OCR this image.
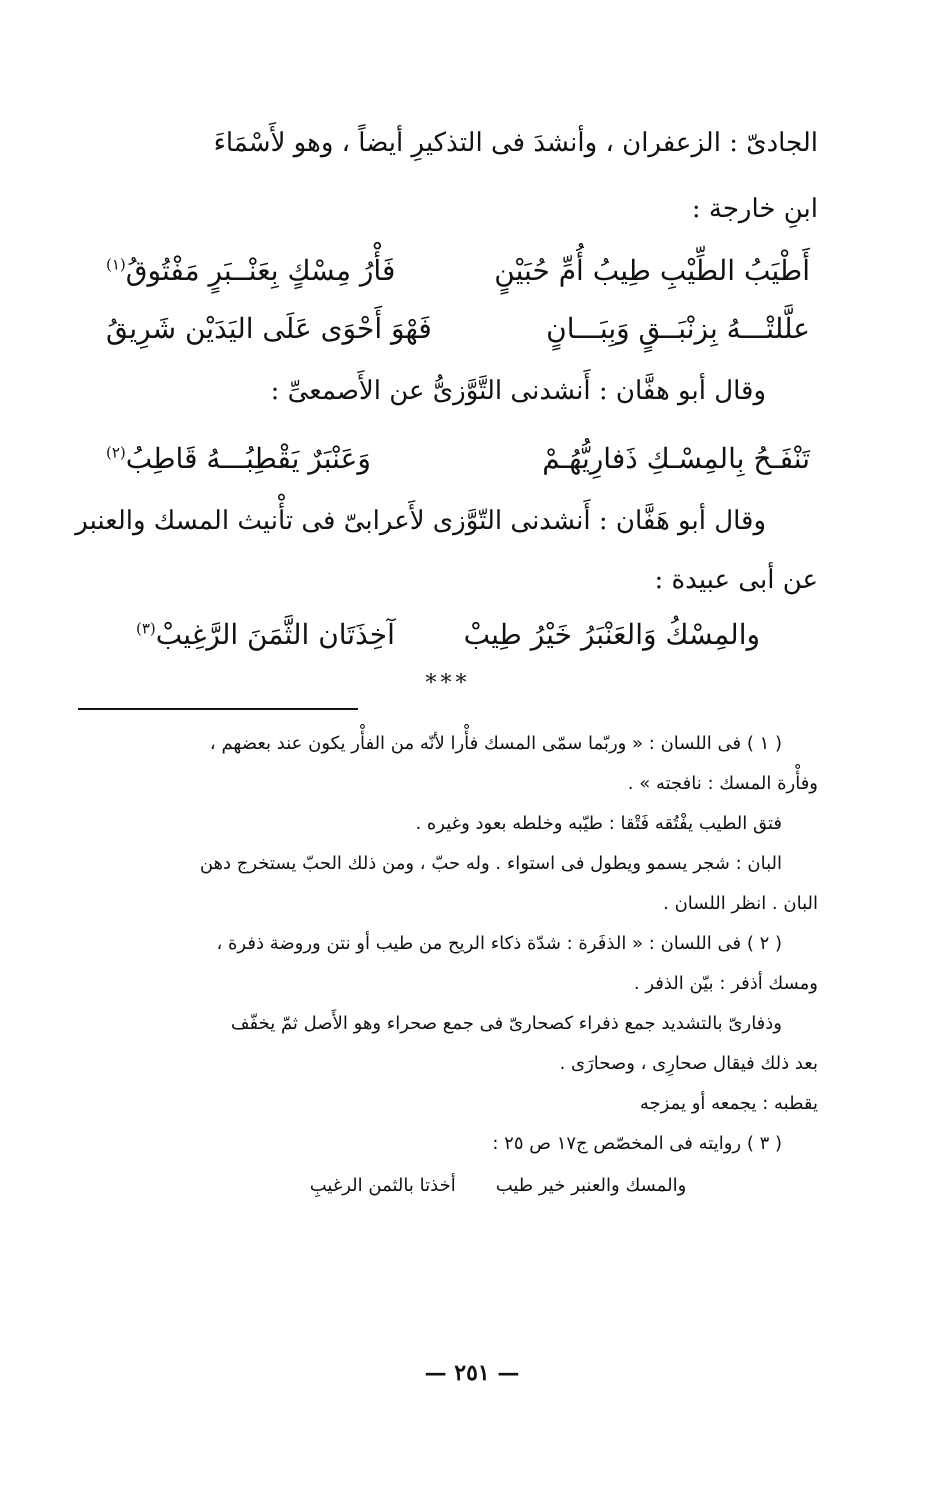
الجادىّ : الزعفران ، وأنشدَ فى التذكيرِ أيضاً ، وهو لأَسْمَاءَ

ابنِ خارجة :

أَطْيَبُ الطِّيْبِ طِيبُ أُمِّ حُبَيْنٍ
فَأْرُ مِسْكٍ بِعَنْــبَرٍ مَفْتُوقُ$^{(١)}$
علَّلتْـــهُ بِزنْبَــقٍ وَبِبَـــانٍ
فَهْوَ أَحْوَى عَلَى اليَدَيْن شَرِيقُ

وقال أبو هفَّان : أَنشدنى التَّوَّزىُّ عن الأَصمعىِّ :

تَنْفَـحُ بِالمِسْـكِ ذَفارِيُّهُـمْ
وَعَنْبَرٌ يَقْطِبُـــهُ قَاطِبُ$^{(٢)}$

وقال أبو هَفَّان : أَنشدنى التّوَّزى لأَعرابىّ فى تأْنيث المسك والعنبر

عن أبى عبيدة :

والمِسْكُ وَالعَنْبَرُ خَيْرُ طِيبْ
آخِذَتَان الثَّمَنَ الرَّغِيبْ$^{(٣)}$
***

( ١ ) فى اللسان : « وربّما سمّى المسك فأْرا لأنّه من الفأْر يكون عند بعضهم ،

وفأْرة المسك : نافجته » .

فتق الطيب يفْتُقه فَتْقا : طيّبه وخلطه بعود وغيره .

البان : شجر يسمو ويطول فى استواء . وله حبّ ، ومن ذلك الحبّ يستخرج دهن

البان . انظر اللسان .

( ٢ ) فى اللسان : « الذفَرة : شدّة ذكاء الريح من طيب أو نتن وروضة ذفرة ،

ومسك أذفر : بيّن الذفر .

وذفارىّ بالتشديد جمع ذفراء كصحارىّ فى جمع صحراء وهو الأَصل ثمّ يخفّف

بعد ذلك فيقال صحارِى ، وصحارَى .

يقطبه : يجمعه أو يمزجه

( ٣ ) روايته فى المخصّص ج١٧ ص ٢٥ :

والمسك والعنبر خير طيب
أخذتا بالثمن الرغيبِ
— ٢٥١ —
